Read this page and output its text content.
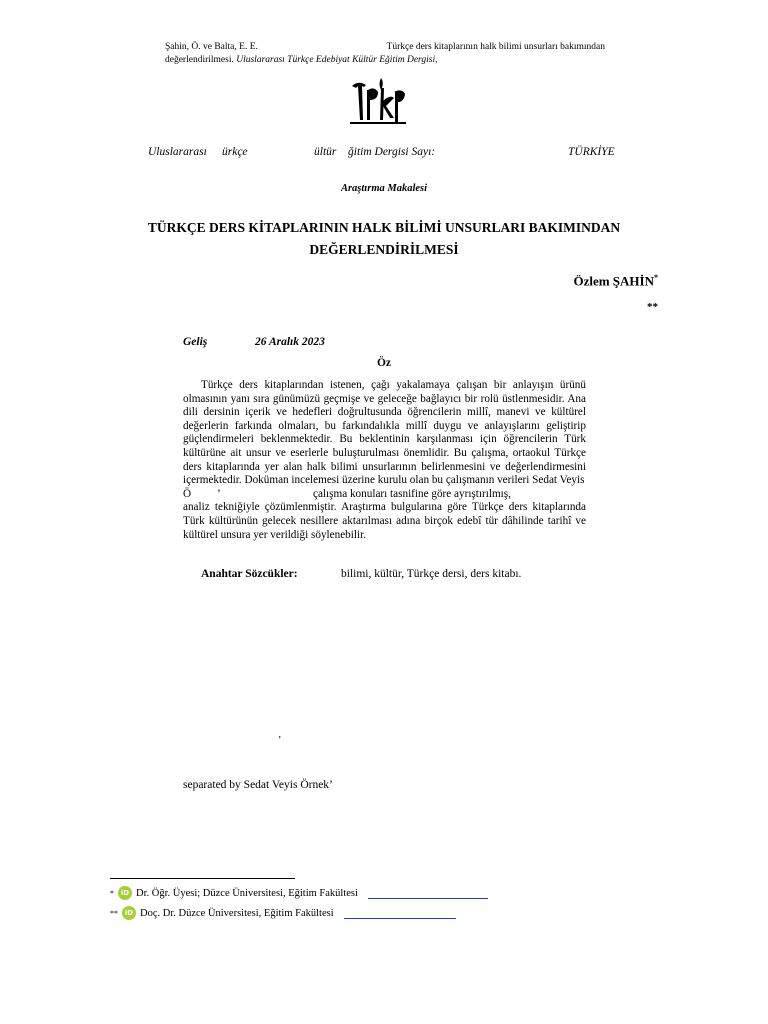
Şahin, Ö. ve Balta, E. E.	Türkçe ders kitaplarının halk bilimi unsurları bakımından
değerlendirilmesi. Uluslararası Türkçe Edebiyat Kültür Eğitim Dergisi,
Uluslararası ürkçe	ültür ğitim Dergisi Sayı:	TÜRKİYE
Araştırma Makalesi
TÜRKÇE DERS KİTAPLARININ HALK BİLİMİ UNSURLARI BAKIMINDAN
DEĞERLENDİRİLMESİ
Özlem ŞAHİN*
**
Geliş	26 Aralık 2023
Öz

Türkçe ders kitaplarından istenen, çağı yakalamaya çalışan bir anlayışın ürünü olmasının yanı sıra günümüzü geçmişe ve geleceğe bağlayıcı bir rolü üstlenmesidir. Ana dili dersinin içerik ve hedefleri doğrultusunda öğrencilerin millî, manevi ve kültürel değerlerin farkında olmaları, bu farkındalıkla millî duygu ve anlayışlarını geliştirip güçlendirmeleri beklenmektedir. Bu beklentinin karşılanması için öğrencilerin Türk kültürüne ait unsur ve eserlerle buluşturulması önemlidir. Bu çalışma, ortaokul Türkçe ders kitaplarında yer alan halk bilimi unsurlarının belirlenmesini ve değerlendirmesini içermektedir. Doküman incelemesi üzerine kurulu olan bu çalışmanın verileri Sedat Veyis

Ö ’	çalışma konuları tasnifine göre ayrıştırılmış,
analiz tekniğiyle çözümlenmiştir. Araştırma bulgularına göre Türkçe ders kitaplarında Türk kültürünün gelecek nesillere aktarılması adına birçok edebî tür dâhilinde tarihî ve kültürel unsura yer verildiği söylenebilir.
Anahtar Sözcükler:	bilimi, kültür, Türkçe dersi, ders kitabı.
’
separated by Sedat Veyis Örnek’
* iD Dr. Öğr. Üyesi; Düzce Üniversitesi, Eğitim Fakültesi
** iD Doç. Dr. Düzce Üniversitesi, Eğitim Fakültesi
